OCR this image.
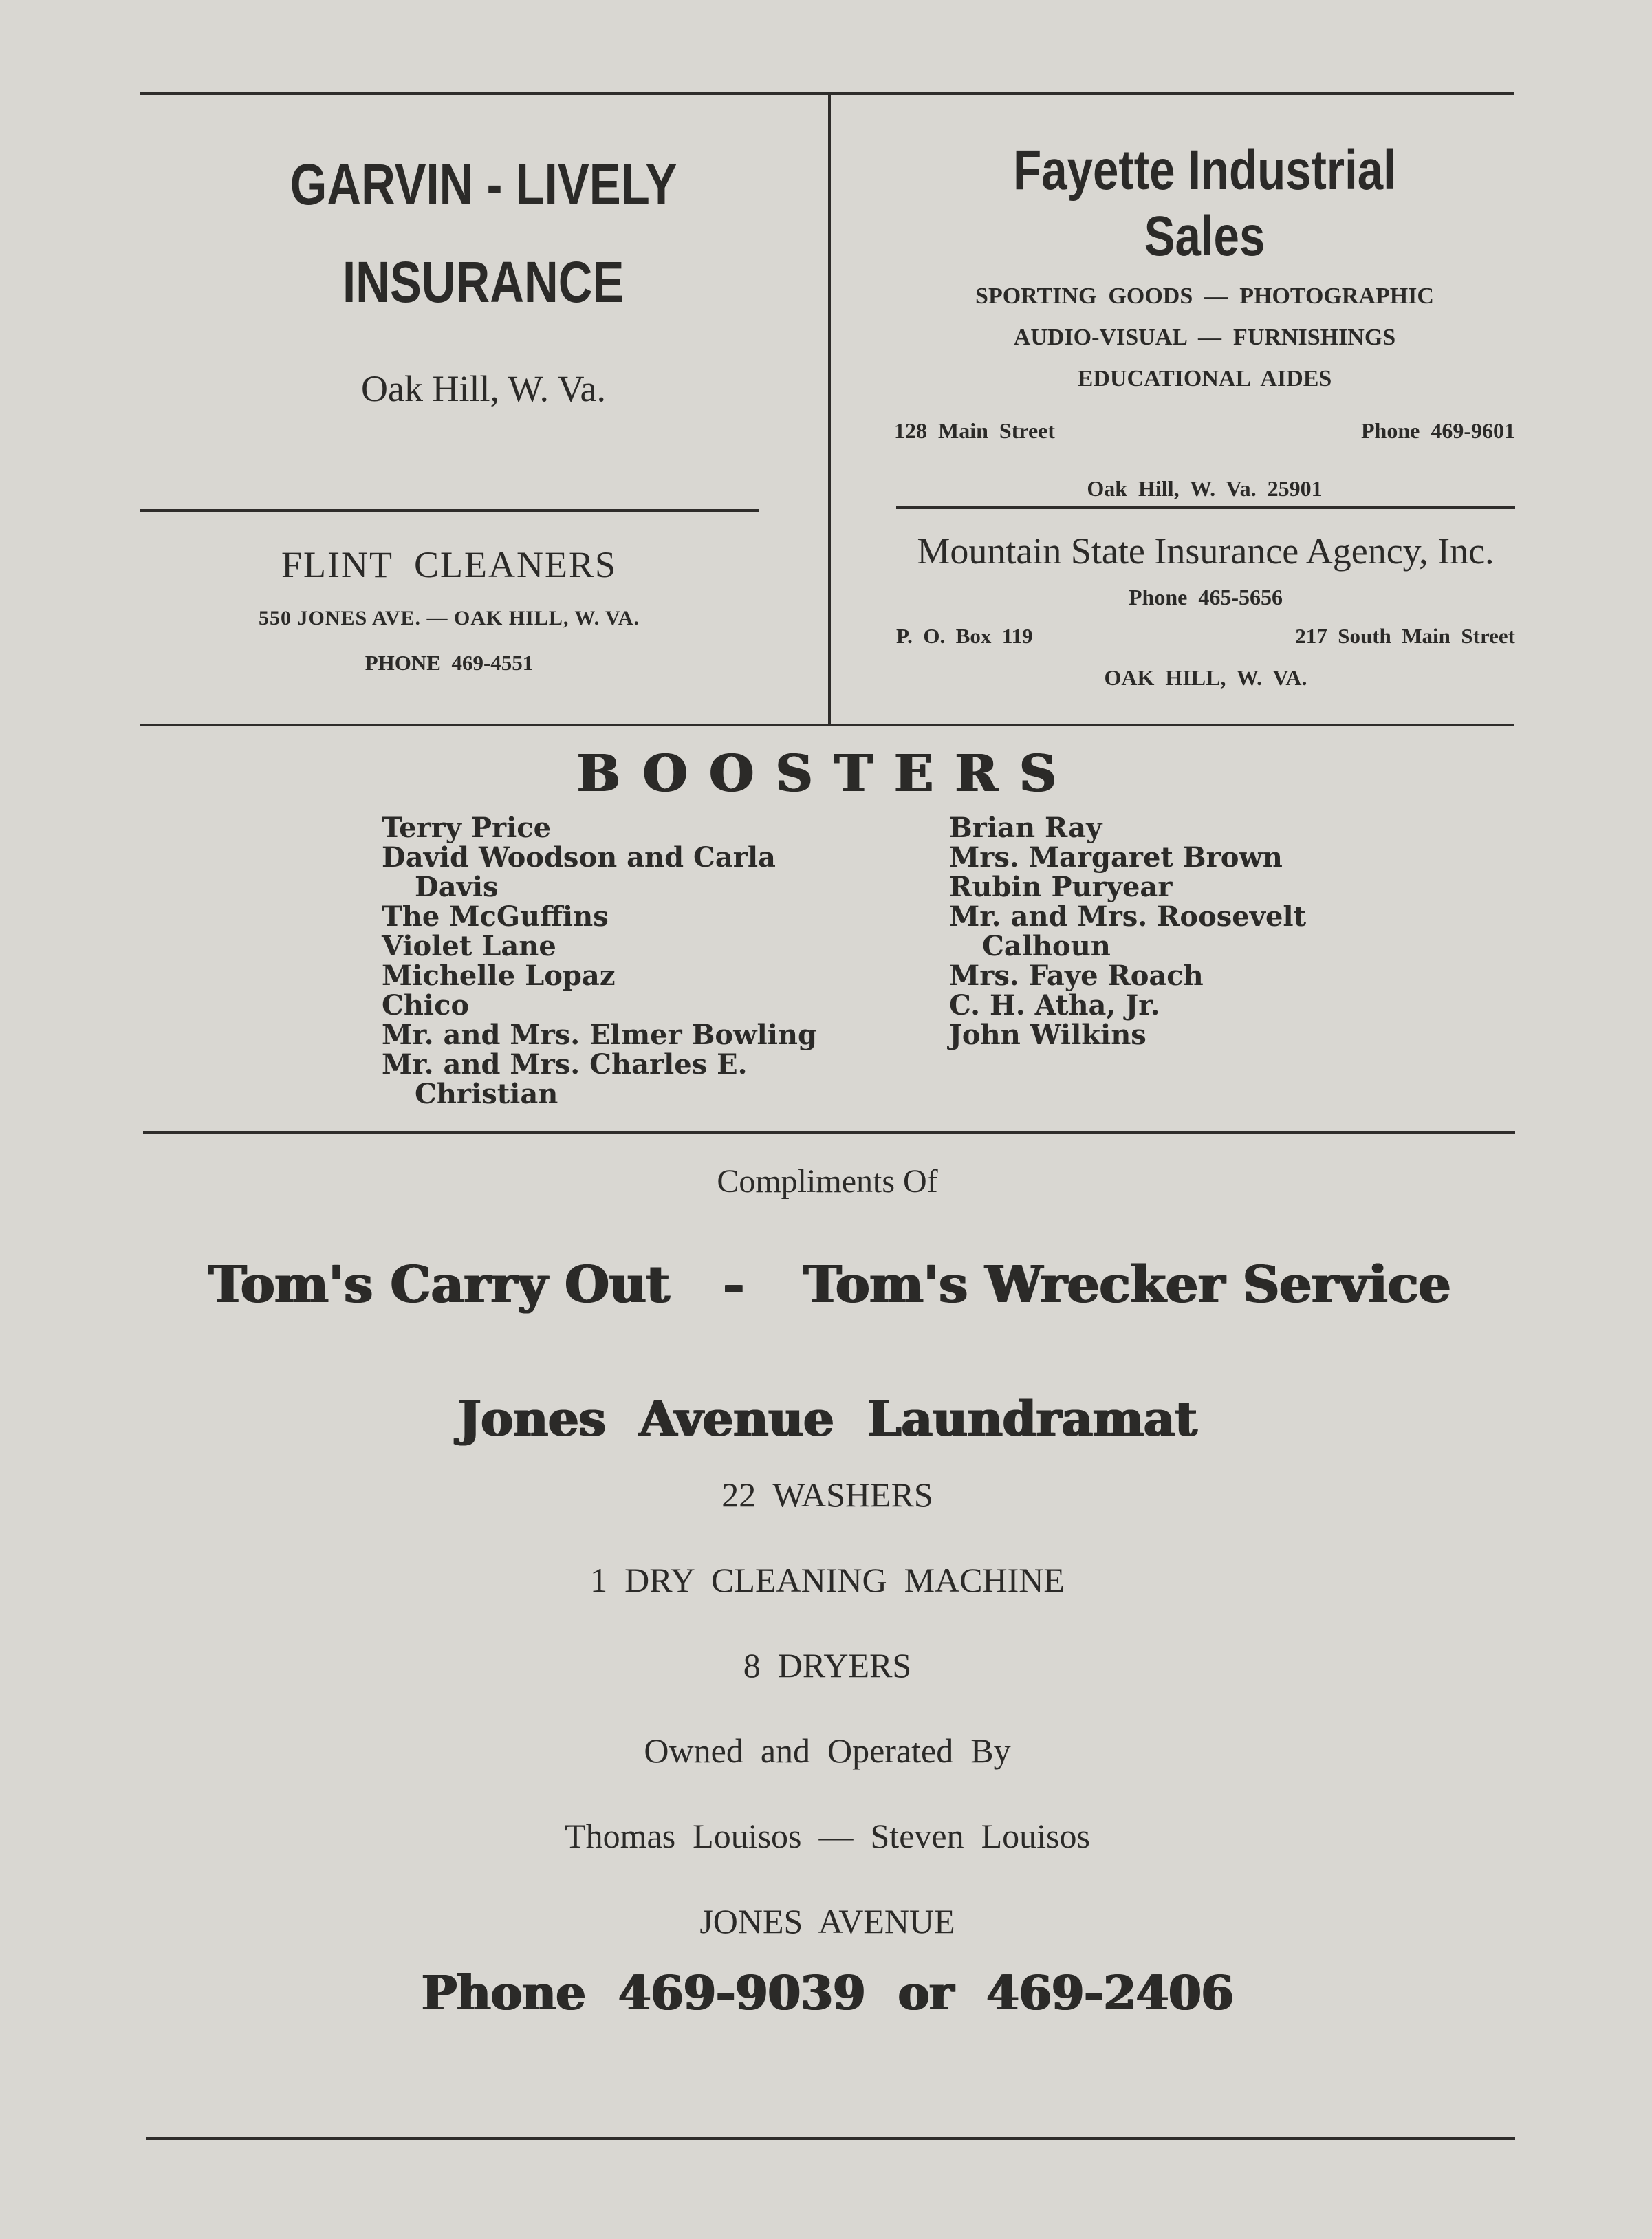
GARVIN - LIVELY
INSURANCE
Oak Hill, W. Va.
Fayette Industrial Sales
SPORTING  GOODS  —  PHOTOGRAPHIC
AUDIO-VISUAL  —  FURNISHINGS
EDUCATIONAL  AIDES
128  Main  Street	Phone  469-9601
Oak  Hill,  W.  Va.  25901
FLINT  CLEANERS
550 JONES AVE. — OAK HILL, W. VA.
PHONE  469-4551
Mountain State Insurance Agency, Inc.
Phone  465-5656
P.  O.  Box  119	217  South  Main  Street
OAK  HILL,  W.  VA.
BOOSTERS
Terry Price
David Woodson and Carla
Davis
The McGuffins
Violet Lane
Michelle Lopaz
Chico
Mr. and Mrs. Elmer Bowling
Mr. and Mrs. Charles E.
Christian
Brian Ray
Mrs. Margaret Brown
Rubin Puryear
Mr. and Mrs. Roosevelt
Calhoun
Mrs. Faye Roach
C. H. Atha, Jr.
John Wilkins
Compliments Of
Tom's Carry Out - Tom's Wrecker Service
Jones  Avenue  Laundramat
22  WASHERS
1  DRY  CLEANING  MACHINE
8  DRYERS
Owned  and  Operated  By
Thomas  Louisos  —  Steven  Louisos
JONES  AVENUE
Phone  469-9039  or  469-2406
